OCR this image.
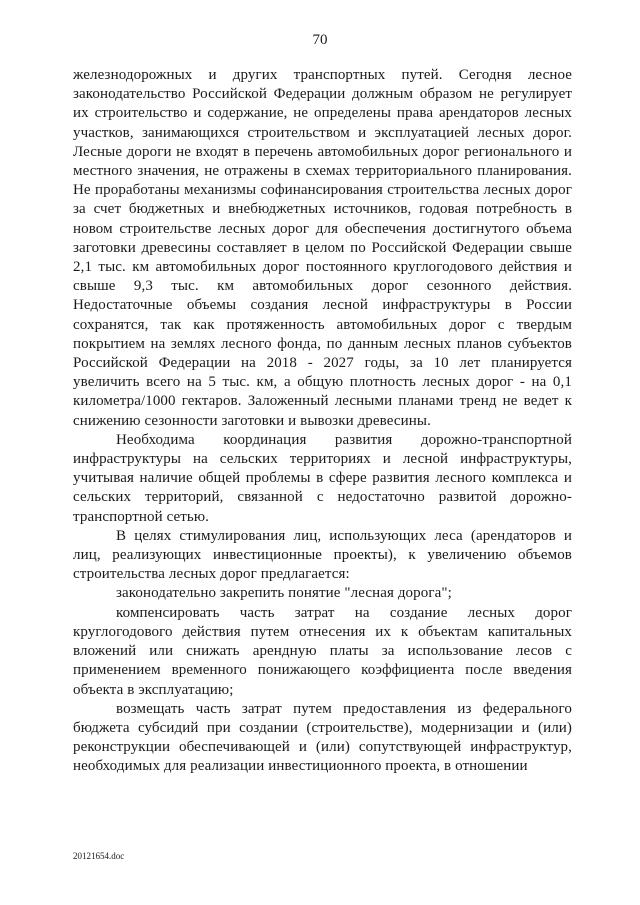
70

железнодорожных и других транспортных путей. Сегодня лесное законодательство Российской Федерации должным образом не регулирует их строительство и содержание, не определены права арендаторов лесных участков, занимающихся строительством и эксплуатацией лесных дорог. Лесные дороги не входят в перечень автомобильных дорог регионального и местного значения, не отражены в схемах территориального планирования. Не проработаны механизмы софинансирования строительства лесных дорог за счет бюджетных и внебюджетных источников, годовая потребность в новом строительстве лесных дорог для обеспечения достигнутого объема заготовки древесины составляет в целом по Российской Федерации свыше 2,1 тыс. км автомобильных дорог постоянного круглогодового действия и свыше 9,3 тыс. км автомобильных дорог сезонного действия. Недостаточные объемы создания лесной инфраструктуры в России сохранятся, так как протяженность автомобильных дорог с твердым покрытием на землях лесного фонда, по данным лесных планов субъектов Российской Федерации на 2018 - 2027 годы, за 10 лет планируется увеличить всего на 5 тыс. км, а общую плотность лесных дорог - на 0,1 километра/1000 гектаров. Заложенный лесными планами тренд не ведет к снижению сезонности заготовки и вывозки древесины.

Необходима координация развития дорожно-транспортной инфраструктуры на сельских территориях и лесной инфраструктуры, учитывая наличие общей проблемы в сфере развития лесного комплекса и сельских территорий, связанной с недостаточно развитой дорожно-транспортной сетью.

В целях стимулирования лиц, использующих леса (арендаторов и лиц, реализующих инвестиционные проекты), к увеличению объемов строительства лесных дорог предлагается:

законодательно закрепить понятие "лесная дорога";

компенсировать часть затрат на создание лесных дорог круглогодового действия путем отнесения их к объектам капитальных вложений или снижать арендную платы за использование лесов с применением временного понижающего коэффициента после введения объекта в эксплуатацию;

возмещать часть затрат путем предоставления из федерального бюджета субсидий при создании (строительстве), модернизации и (или) реконструкции обеспечивающей и (или) сопутствующей инфраструктур, необходимых для реализации инвестиционного проекта, в отношении

20121654.doc
